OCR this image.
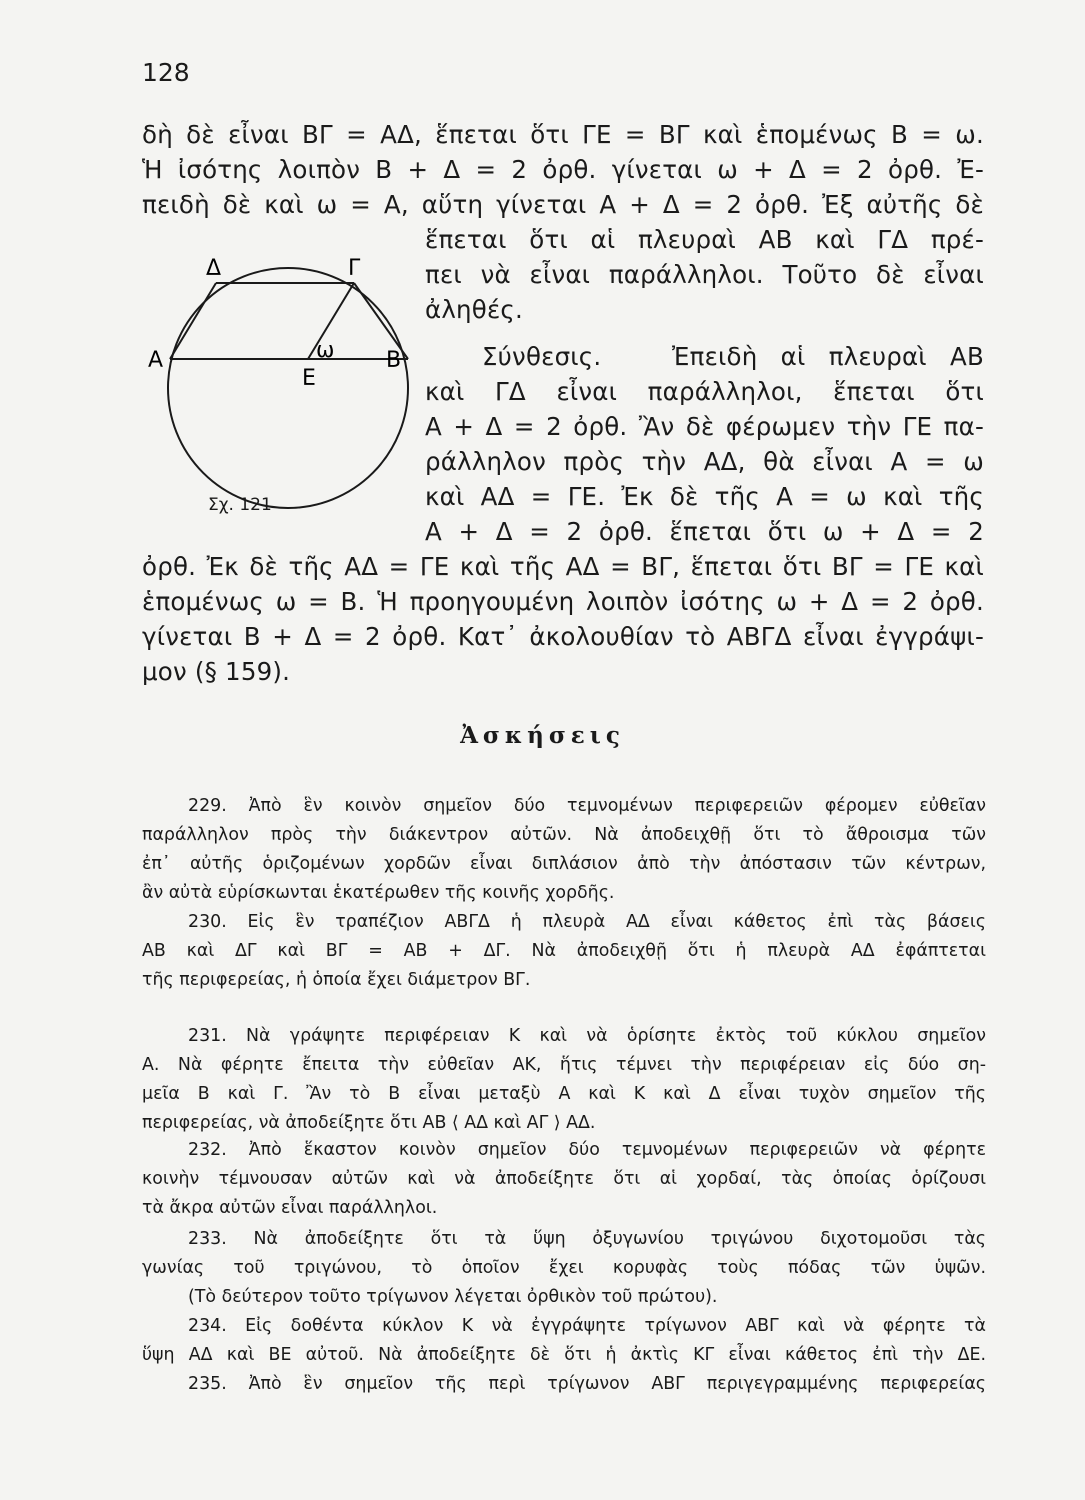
128
δὴ δὲ εἶναι ΒΓ = ΑΔ, ἕπεται ὅτι ΓΕ = ΒΓ καὶ ἑπομένως Β = ω.
Ἡ ἰσότης λοιπὸν Β + Δ = 2 ὀρθ. γίνεται ω + Δ = 2 ὀρθ. Ἐ-
πειδὴ δὲ καὶ ω = Α, αὕτη γίνεται Α + Δ = 2 ὀρθ. Ἐξ αὐτῆς δὲ
ἕπεται ὅτι αἱ πλευραὶ ΑΒ καὶ ΓΔ πρέ-
πει νὰ εἶναι παράλληλοι. Τοῦτο δὲ εἶναι
ἀληθές.
Σύνθεσις.	Ἐπειδὴ αἱ πλευραὶ ΑΒ
καὶ ΓΔ εἶναι παράλληλοι, ἕπεται ὅτι
Α + Δ = 2 ὀρθ. Ἂν δὲ φέρωμεν τὴν ΓΕ πα-
ράλληλον πρὸς τὴν ΑΔ, θὰ εἶναι Α = ω
καὶ ΑΔ = ΓΕ. Ἐκ δὲ τῆς Α = ω καὶ τῆς
Α + Δ = 2 ὀρθ. ἕπεται ὅτι ω + Δ = 2
ὀρθ. Ἐκ δὲ τῆς ΑΔ = ΓΕ καὶ τῆς ΑΔ = ΒΓ, ἕπεται ὅτι ΒΓ = ΓΕ καὶ
ἑπομένως ω = Β. Ἡ προηγουμένη λοιπὸν ἰσότης ω + Δ = 2 ὀρθ.
γίνεται Β + Δ = 2 ὀρθ. Κατ᾿ ἀκολουθίαν τὸ ΑΒΓΔ εἶναι ἐγγράψι-
μον (§ 159).
Δ	Γ
Α	Β
ω
Ε
Σχ. 121
Ἀσκήσεις
229. Ἀπὸ ἓν κοινὸν σημεῖον δύο τεμνομένων περιφερειῶν φέρομεν εὐθεῖαν
παράλληλον πρὸς τὴν διάκεντρον αὐτῶν. Νὰ ἀποδειχθῇ ὅτι τὸ ἄθροισμα τῶν
ἐπ᾿ αὐτῆς ὁριζομένων χορδῶν εἶναι διπλάσιον ἀπὸ τὴν ἀπόστασιν τῶν κέντρων,
ἂν αὐτὰ εὑρίσκωνται ἑκατέρωθεν τῆς κοινῆς χορδῆς.
230. Εἰς ἓν τραπέζιον ΑΒΓΔ ἡ πλευρὰ ΑΔ εἶναι κάθετος ἐπὶ τὰς βάσεις
ΑΒ καὶ ΔΓ καὶ ΒΓ = ΑΒ + ΔΓ. Νὰ ἀποδειχθῇ ὅτι ἡ πλευρὰ ΑΔ ἐφάπτεται
τῆς περιφερείας, ἡ ὁποία ἔχει διάμετρον ΒΓ.
231. Νὰ γράψητε περιφέρειαν Κ καὶ νὰ ὁρίσητε ἐκτὸς τοῦ κύκλου σημεῖον
Α. Νὰ φέρητε ἔπειτα τὴν εὐθεῖαν ΑΚ, ἥτις τέμνει τὴν περιφέρειαν εἰς δύο ση-
μεῖα Β καὶ Γ. Ἂν τὸ Β εἶναι μεταξὺ Α καὶ Κ καὶ Δ εἶναι τυχὸν σημεῖον τῆς
περιφερείας, νὰ ἀποδείξητε ὅτι ΑΒ ⟨ ΑΔ καὶ ΑΓ ⟩ ΑΔ.
232. Ἀπὸ ἕκαστον κοινὸν σημεῖον δύο τεμνομένων περιφερειῶν νὰ φέρητε
κοινὴν τέμνουσαν αὐτῶν καὶ νὰ ἀποδείξητε ὅτι αἱ χορδαί, τὰς ὁποίας ὁρίζουσι
τὰ ἄκρα αὐτῶν εἶναι παράλληλοι.
233. Νὰ ἀποδείξητε ὅτι τὰ ὕψη ὀξυγωνίου τριγώνου διχοτομοῦσι τὰς
γωνίας τοῦ τριγώνου, τὸ ὁποῖον ἔχει κορυφὰς τοὺς πόδας τῶν ὑψῶν.
(Τὸ δεύτερον τοῦτο τρίγωνον λέγεται ὀρθικὸν τοῦ πρώτου).
234. Εἰς δοθέντα κύκλον Κ νὰ ἐγγράψητε τρίγωνον ΑΒΓ καὶ νὰ φέρητε τὰ
ὕψη ΑΔ καὶ ΒΕ αὐτοῦ. Νὰ ἀποδείξητε δὲ ὅτι ἡ ἀκτὶς ΚΓ εἶναι κάθετος ἐπὶ τὴν ΔΕ.
235. Ἀπὸ ἓν σημεῖον τῆς περὶ τρίγωνον ΑΒΓ περιγεγραμμένης περιφερείας
